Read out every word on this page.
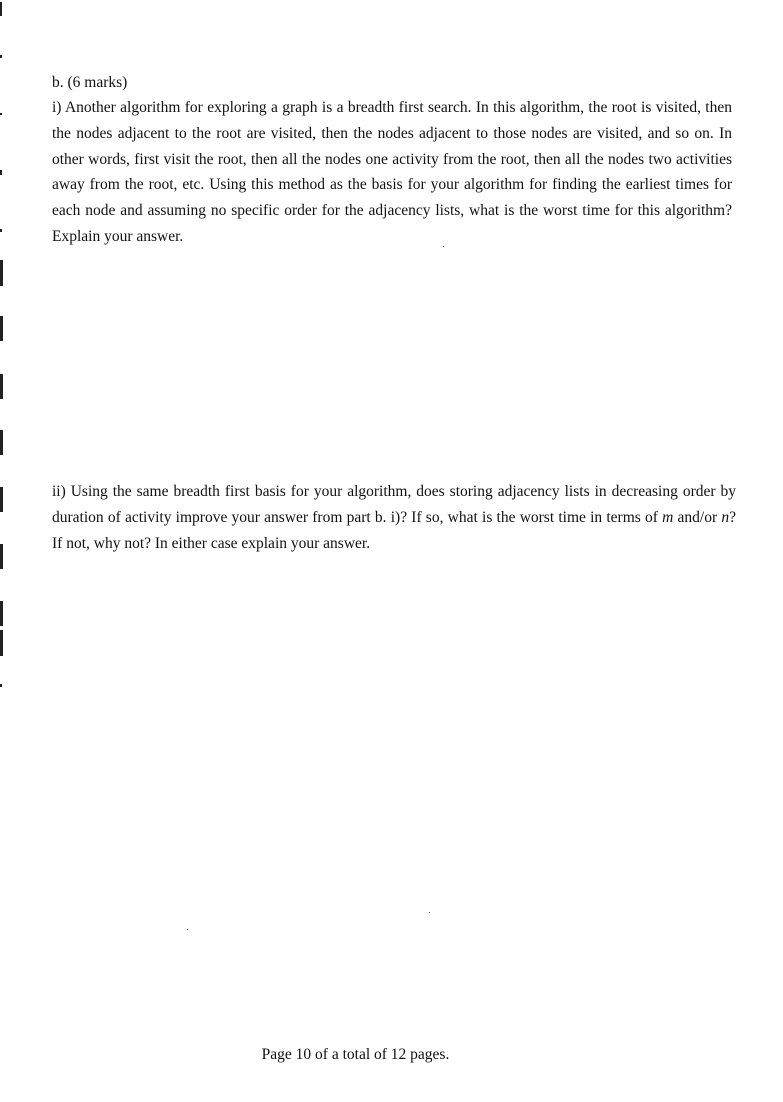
b. (6 marks)
i) Another algorithm for exploring a graph is a breadth first search. In this algorithm, the root is visited, then the nodes adjacent to the root are visited, then the nodes adjacent to those nodes are visited, and so on. In other words, first visit the root, then all the nodes one activity from the root, then all the nodes two activities away from the root, etc. Using this method as the basis for your algorithm for finding the earliest times for each node and assuming no specific order for the adjacency lists, what is the worst time for this algorithm? Explain your answer.
ii) Using the same breadth first basis for your algorithm, does storing adjacency lists in decreasing order by duration of activity improve your answer from part b. i)? If so, what is the worst time in terms of m and/or n? If not, why not? In either case explain your answer.
Page 10 of a total of 12 pages.
